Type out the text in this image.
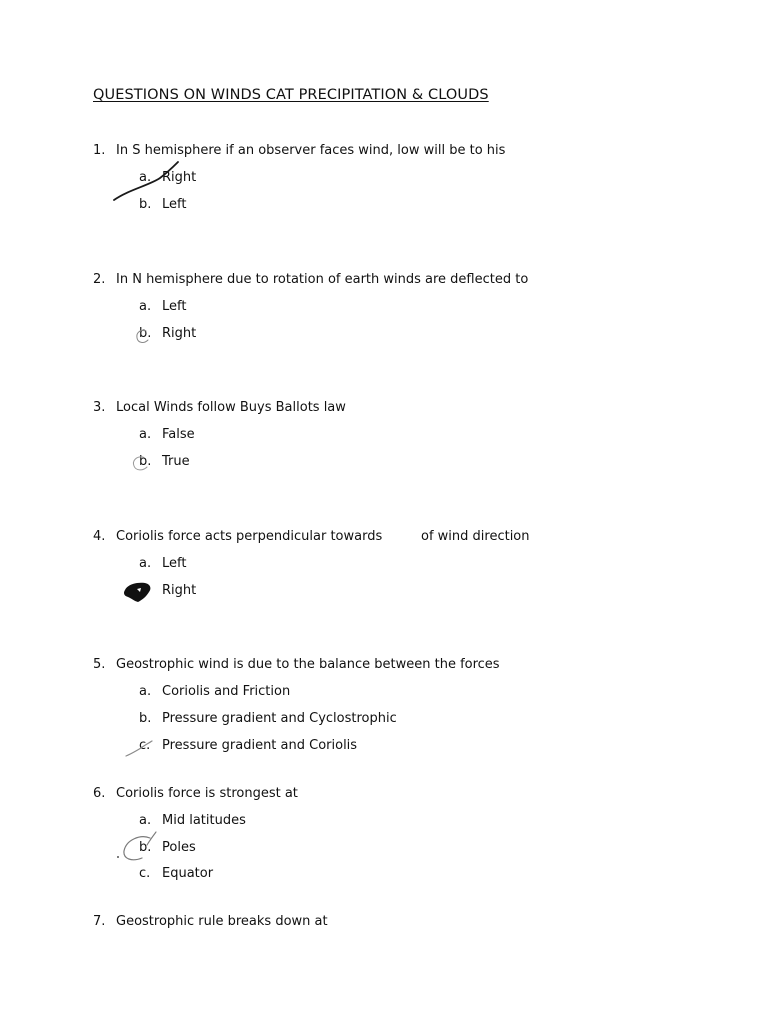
QUESTIONS ON WINDS CAT PRECIPITATION & CLOUDS
1. In S hemisphere if an observer faces wind, low will be to his
a. Right
b. Left
2. In N hemisphere due to rotation of earth winds are deflected to
a. Left
b. Right
3. Local Winds follow Buys Ballots law
a. False
b. True
4. Coriolis force acts perpendicular towards	of wind direction
a. Left
Right
5. Geostrophic wind is due to the balance between the forces
a. Coriolis and Friction
b. Pressure gradient and Cyclostrophic
c. Pressure gradient and Coriolis
6. Coriolis force is strongest at
a. Mid latitudes
b. Poles
c. Equator
7. Geostrophic rule breaks down at
